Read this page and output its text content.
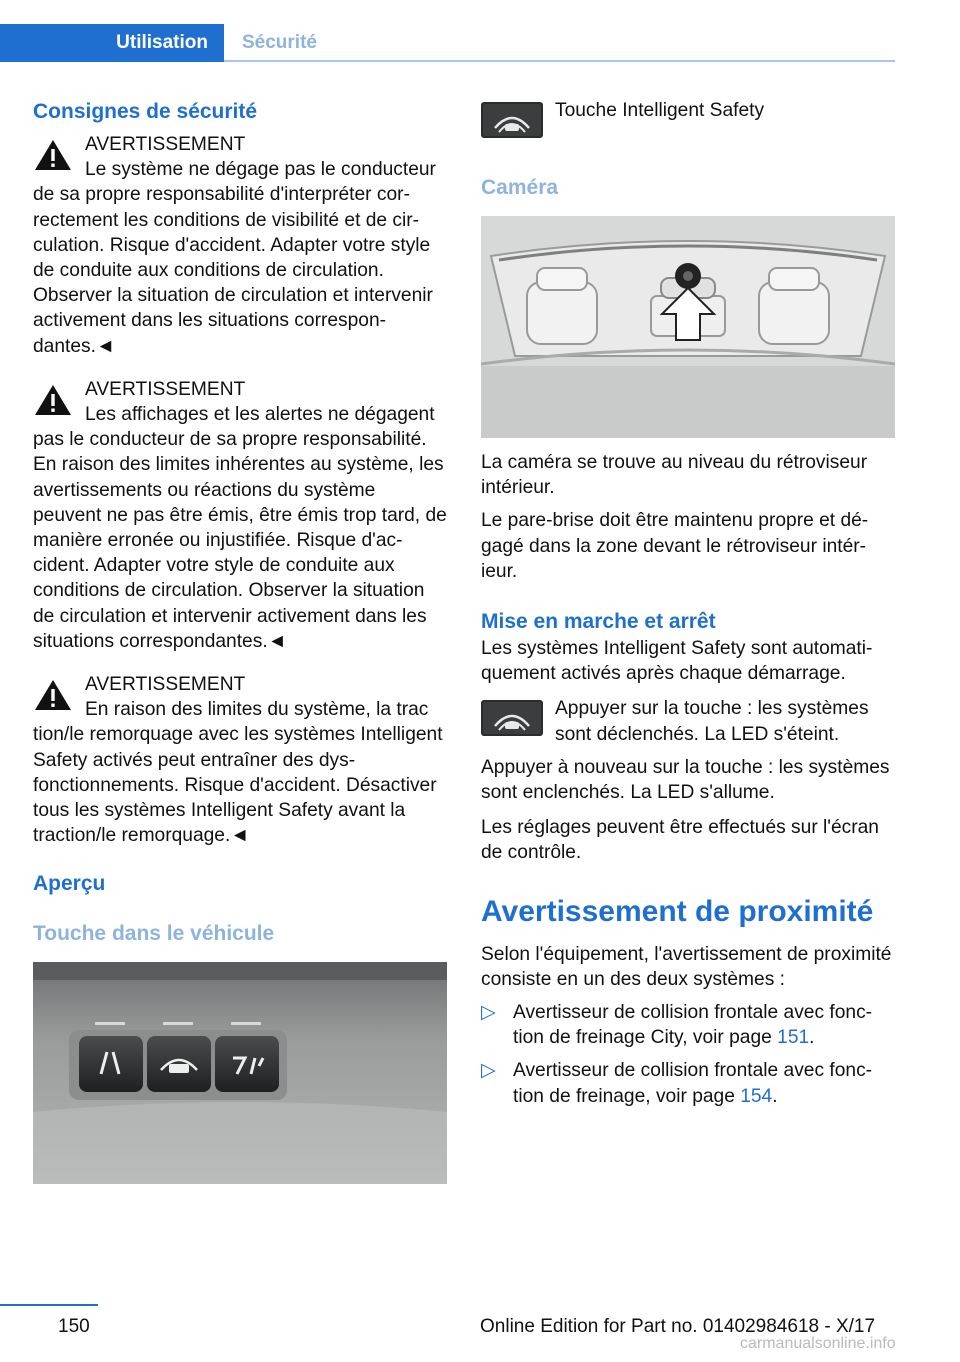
Utilisation	Sécurité
Consignes de sécurité
AVERTISSEMENT

Le système ne dégage pas le conducteur

de sa propre responsabilité d'interpréter correctement les conditions de visibilité et de circulation. Risque d'accident. Adapter votre style de conduite aux conditions de circulation. Observer la situation de circulation et intervenir activement dans les situations correspondantes.◄

AVERTISSEMENT

Les affichages et les alertes ne dégagent

pas le conducteur de sa propre responsabilité. En raison des limites inhérentes au système, les avertissements ou réactions du système peuvent ne pas être émis, être émis trop tard, de manière erronée ou injustifiée. Risque d'accident. Adapter votre style de conduite aux conditions de circulation. Observer la situation de circulation et intervenir activement dans les situations correspondantes.◄

AVERTISSEMENT

En raison des limites du système, la trac

tion/le remorquage avec les systèmes Intelligent Safety activés peut entraîner des dysfonctionnements. Risque d'accident. Désactiver tous les systèmes Intelligent Safety avant la traction/le remorquage.◄

Aperçu
Touche dans le véhicule

Touche Intelligent Safety

Caméra

La caméra se trouve au niveau du rétroviseur intérieur.

Le pare-brise doit être maintenu propre et dégagé dans la zone devant le rétroviseur intérieur.

Mise en marche et arrêt

Les systèmes Intelligent Safety sont automatiquement activés après chaque démarrage.

Appuyer sur la touche : les systèmes sont déclenchés. La LED s'éteint.

Appuyer à nouveau sur la touche : les systèmes sont enclenchés. La LED s'allume.

Les réglages peuvent être effectués sur l'écran de contrôle.

Avertissement de proximité

Selon l'équipement, l'avertissement de proximité consiste en un des deux systèmes :

▷ Avertisseur de collision frontale avec fonction de freinage City, voir page 151.
▷ Avertisseur de collision frontale avec fonction de freinage, voir page 154.
150	Online Edition for Part no. 01402984618 - X/17
carmanualsonline.info
